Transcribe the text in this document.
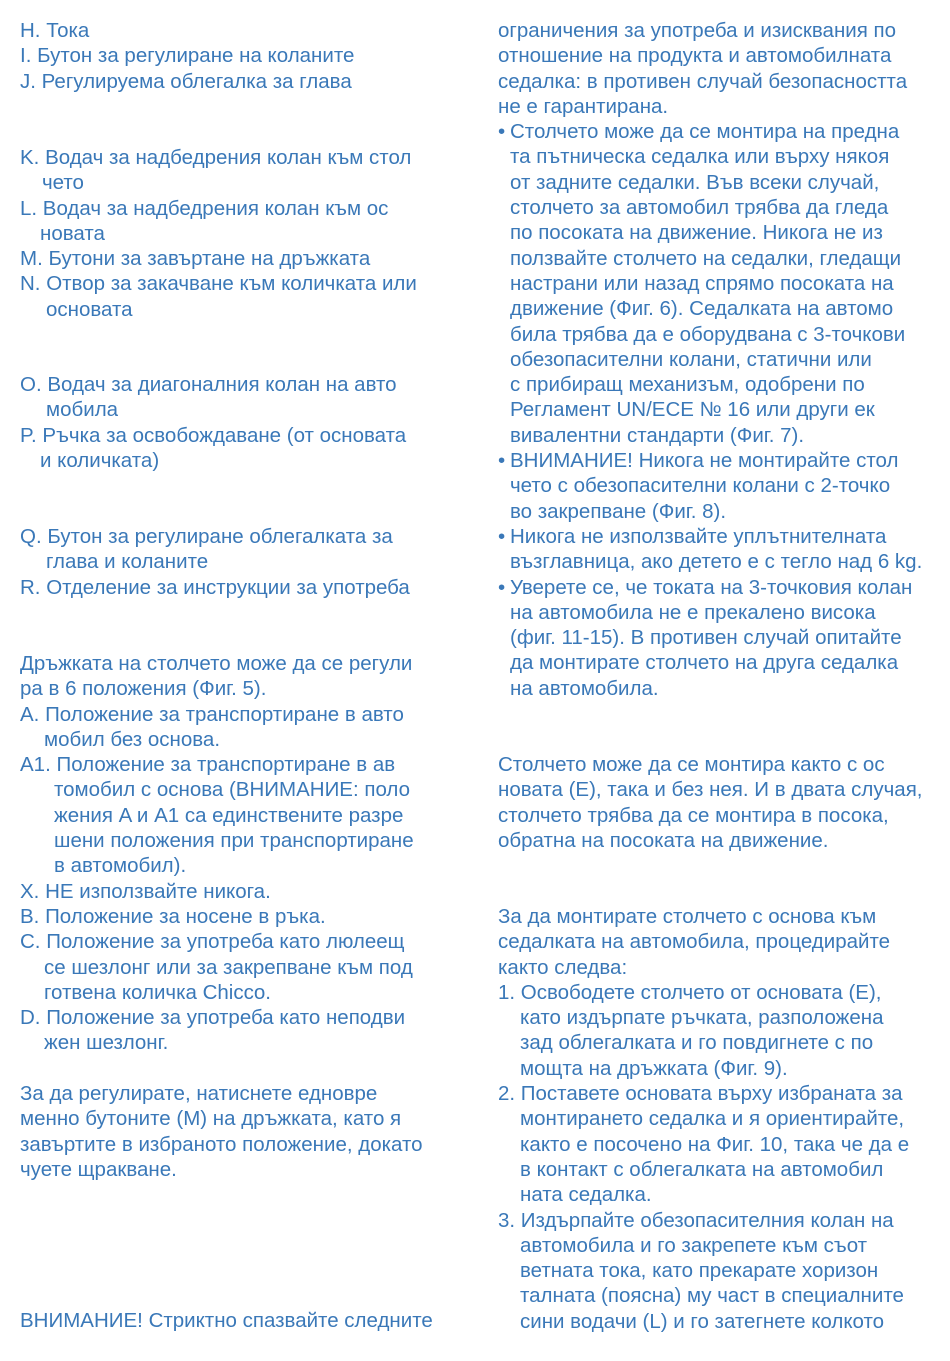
H. Тока
I. Бутон за регулиране на коланите
J. Регулируема облегалка за глава
K. Водач за надбедрения колан към стол
чето
L. Водач за надбедрения колан към ос
новата
M. Бутони за завъртане на дръжката
N. Отвор за закачване към количката или
основата
O. Водач за диагоналния колан на авто
мобила
P. Ръчка за освобождаване (от основата
и количката)
Q. Бутон за регулиране облегалката за
глава и коланите
R. Отделение за инструкции за употреба
Дръжката на столчето може да се регули
ра в 6 положения (Фиг. 5).
A. Положение за транспортиране в авто
мобил без основа.
A1. Положение за транспортиране в ав
томобил с основа (ВНИМАНИЕ: поло
жения A и A1 са единствените разре
шени положения при транспортиране
в автомобил).
X. НЕ използвайте никога.
B. Положение за носене в ръка.
C. Положение за употреба като люлеещ
се шезлонг или за закрепване към под
готвена количка Chicco.
D. Положение за употреба като неподви
жен шезлонг.
За да регулирате, натиснете едновре
менно бутоните (M) на дръжката, като я
завъртите в избраното положение, докато
чуете щракване.
ВНИМАНИЕ! Стриктно спазвайте следните
ограничения за употреба и изисквания по
отношение на продукта и автомобилната
седалка: в противен случай безопасността
не е гарантирана.
• Столчето може да се монтира на предна
та пътническа седалка или върху някоя
от задните седалки. Във всеки случай,
столчето за автомобил трябва да гледа
по посоката на движение. Никога не из
ползвайте столчето на седалки, гледащи
настрани или назад спрямо посоката на
движение (Фиг. 6). Седалката на автомо
била трябва да е оборудвана с 3-точкови
обезопасителни колани, статични или
с прибиращ механизъм, одобрени по
Регламент UN/ECE № 16 или други ек
вивалентни стандарти (Фиг. 7).
• ВНИМАНИЕ! Никога не монтирайте стол
чето с обезопасителни колани с 2-точко
во закрепване (Фиг. 8).
• Никога не използвайте уплътнителната
възглавница, ако детето е с тегло над 6 kg.
• Уверете се, че токата на 3-точковия колан
на автомобила не е прекалено висока
(фиг. 11-15). В противен случай опитайте
да монтирате столчето на друга седалка
на автомобила.
Столчето може да се монтира както с ос
новата (E), така и без нея. И в двата случая,
столчето трябва да се монтира в посока,
обратна на посоката на движение.
За да монтирате столчето с основа към
седалката на автомобила, процедирайте
както следва:
1. Освободете столчето от основата (E),
като издърпате ръчката, разположена
зад облегалката и го повдигнете с по
мощта на дръжката (Фиг. 9).
2. Поставете основата върху избраната за
монтирането седалка и я ориентирайте,
както е посочено на Фиг. 10, така че да е
в контакт с облегалката на автомобил
ната седалка.
3. Издърпайте обезопасителния колан на
автомобила и го закрепете към съот
ветната тока, като прекарате хоризон
талната (поясна) му част в специалните
сини водачи (L) и го затегнете колкото
